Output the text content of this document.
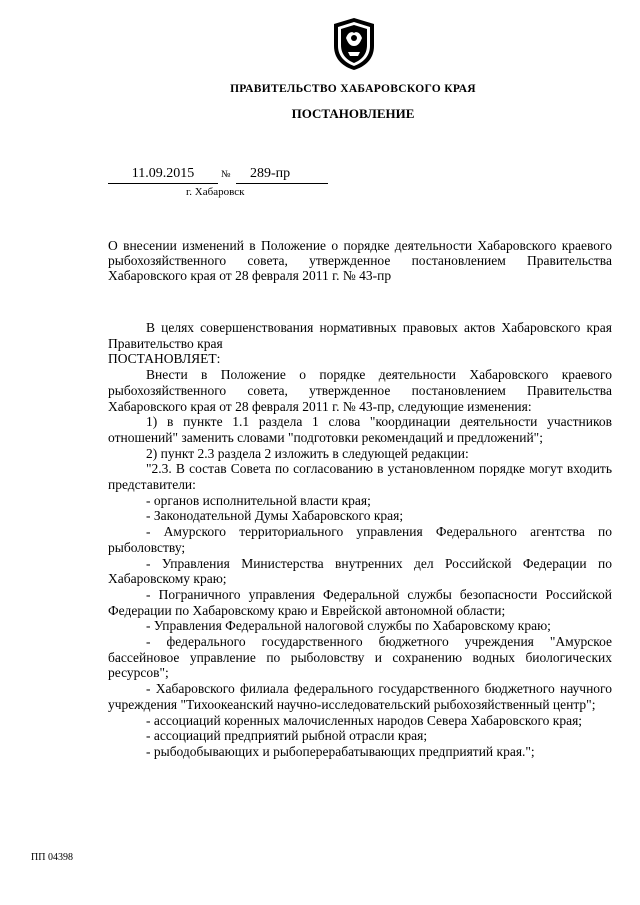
ПРАВИТЕЛЬСТВО ХАБАРОВСКОГО КРАЯ
ПОСТАНОВЛЕНИЕ
11.09.2015	№	289-пр
г. Хабаровск
О внесении изменений в Положение о порядке деятельности Хабаровского краевого рыбохозяйственного совета, утвержденное постановлением Правительства Хабаровского края от 28 февраля 2011 г. № 43-пр

В целях совершенствования нормативных правовых актов Хабаровского края Правительство края

ПОСТАНОВЛЯЕТ:

Внести в Положение о порядке деятельности Хабаровского краевого рыбохозяйственного совета, утвержденное постановлением Правительства Хабаровского края от 28 февраля 2011 г. № 43-пр, следующие изменения:

1) в пункте 1.1 раздела 1 слова "координации деятельности участников отношений" заменить словами "подготовки рекомендаций и предложений";

2) пункт 2.3 раздела 2 изложить в следующей редакции:

"2.3. В состав Совета по согласованию в установленном порядке могут входить представители:

- органов исполнительной власти края;

- Законодательной Думы Хабаровского края;

- Амурского территориального управления Федерального агентства по рыболовству;

- Управления Министерства внутренних дел Российской Федерации по Хабаровскому краю;

- Пограничного управления Федеральной службы безопасности Российской Федерации по Хабаровскому краю и Еврейской автономной области;

- Управления Федеральной налоговой службы по Хабаровскому краю;

- федерального государственного бюджетного учреждения "Амурское бассейновое управление по рыболовству и сохранению водных биологических ресурсов";

- Хабаровского филиала федерального государственного бюджетного научного учреждения "Тихоокеанский научно-исследовательский рыбохозяйственный центр";

- ассоциаций коренных малочисленных народов Севера Хабаровского края;

- ассоциаций предприятий рыбной отрасли края;

- рыбодобывающих и рыбоперерабатывающих предприятий края.";

ПП 04398
